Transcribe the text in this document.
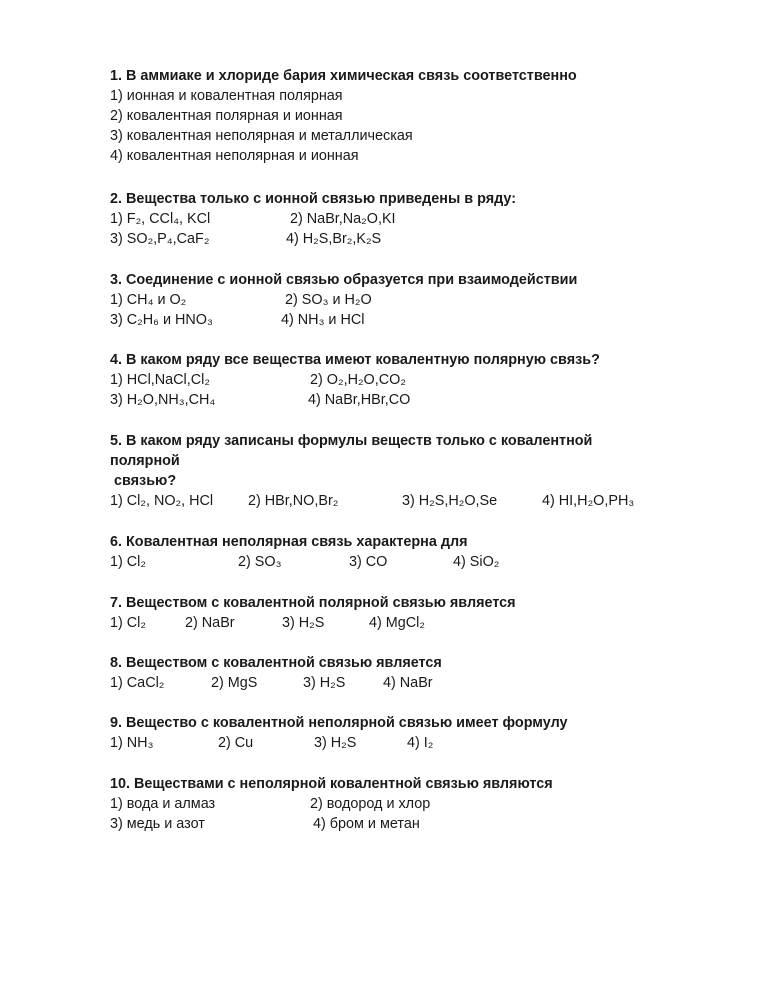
1. В аммиаке и хлориде бария химическая связь соответственно
1) ионная и ковалентная полярная
2) ковалентная полярная и ионная
3) ковалентная неполярная и металлическая
4) ковалентная неполярная и ионная
2. Вещества только с ионной связью приведены в ряду:
1) F₂, CCl₄, KCl	2) NaBr,Na₂O,KI
3) SO₂,P₄,CaF₂	4) H₂S,Br₂,K₂S
3. Соединение с ионной связью образуется при взаимодействии
1) CH₄ и O₂	2) SO₃ и H₂O
3) C₂H₆ и HNO₃	4) NH₃ и HCl
4. В каком ряду все вещества имеют ковалентную полярную связь?
1) HCl,NaCl,Cl₂	2) O₂,H₂O,CO₂
3) H₂O,NH₃,CH₄	4) NaBr,HBr,CO
5. В каком ряду записаны формулы веществ только с ковалентной
полярной
связью?
1) Cl₂, NO₂, HCl 2) HBr,NO,Br₂	3) H₂S,H₂O,Se	4) HI,H₂O,PH₃
6. Ковалентная неполярная связь характерна для
1) Cl₂	2) SO₃	3) CO	4) SiO₂
7. Веществом с ковалентной полярной связью является
1) Cl₂	2) NaBr	3) H₂S	4) MgCl₂
8. Веществом с ковалентной связью является
1) CaCl₂	2) MgS	3) H₂S	4) NaBr
9. Вещество с ковалентной неполярной связью имеет формулу
1) NH₃	2) Cu	3) H₂S	4) I₂
10. Веществами с неполярной ковалентной связью являются
1) вода и алмаз	2) водород и хлор
3) медь и азот	4) бром и метан
